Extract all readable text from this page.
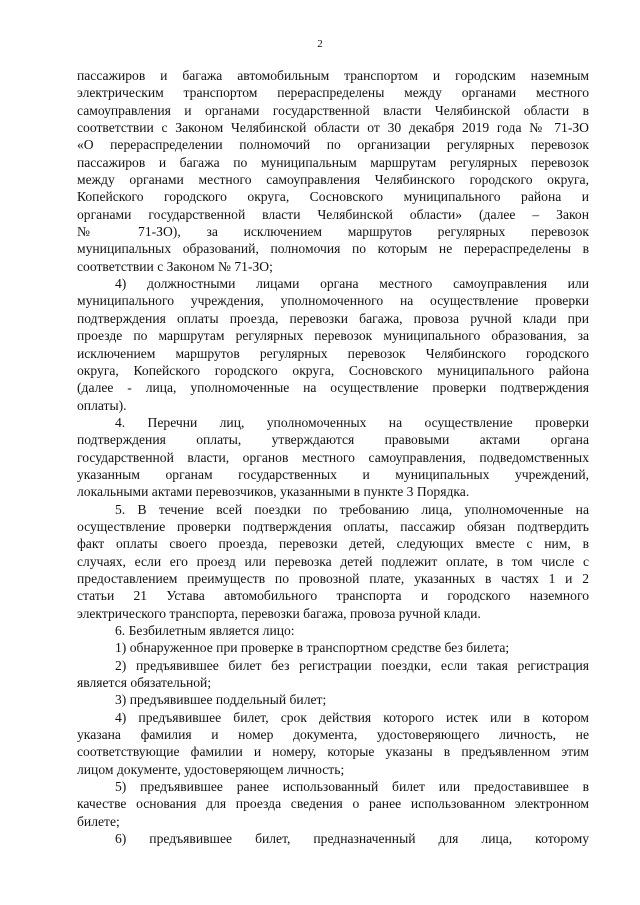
2

пассажиров и багажа автомобильным транспортом и городским наземным

электрическим транспортом перераспределены между органами местного

самоуправления и органами государственной власти Челябинской области в

соответствии с Законом Челябинской области от 30 декабря 2019 года № 71-ЗО

«О перераспределении полномочий по организации регулярных перевозок

пассажиров и багажа по муниципальным маршрутам регулярных перевозок

между органами местного самоуправления Челябинского городского округа,

Копейского городского округа, Сосновского муниципального района и

органами государственной власти Челябинской области» (далее – Закон

№ 71-ЗО), за исключением маршрутов регулярных перевозок

муниципальных образований, полномочия по которым не перераспределены в

соответствии с Законом № 71-ЗО;

4) должностными лицами органа местного самоуправления или

муниципального учреждения, уполномоченного на осуществление проверки

подтверждения оплаты проезда, перевозки багажа, провоза ручной клади при

проезде по маршрутам регулярных перевозок муниципального образования, за

исключением маршрутов регулярных перевозок Челябинского городского

округа, Копейского городского округа, Сосновского муниципального района

(далее - лица, уполномоченные на осуществление проверки подтверждения

оплаты).

4. Перечни лиц, уполномоченных на осуществление проверки

подтверждения оплаты, утверждаются правовыми актами органа

государственной власти, органов местного самоуправления, подведомственных

указанным органам государственных и муниципальных учреждений,

локальными актами перевозчиков, указанными в пункте 3 Порядка.

5. В течение всей поездки по требованию лица, уполномоченные на

осуществление проверки подтверждения оплаты, пассажир обязан подтвердить

факт оплаты своего проезда, перевозки детей, следующих вместе с ним, в

случаях, если его проезд или перевозка детей подлежит оплате, в том числе с

предоставлением преимуществ по провозной плате, указанных в частях 1 и 2

статьи 21 Устава автомобильного транспорта и городского наземного

электрического транспорта, перевозки багажа, провоза ручной клади.

6. Безбилетным является лицо:

1) обнаруженное при проверке в транспортном средстве без билета;

2) предъявившее билет без регистрации поездки, если такая регистрация

является обязательной;

3) предъявившее поддельный билет;

4) предъявившее билет, срок действия которого истек или в котором

указана фамилия и номер документа, удостоверяющего личность, не

соответствующие фамилии и номеру, которые указаны в предъявленном этим

лицом документе, удостоверяющем личность;

5) предъявившее ранее использованный билет или предоставившее в

качестве основания для проезда сведения о ранее использованном электронном

билете;

6) предъявившее билет, предназначенный для лица, которому
